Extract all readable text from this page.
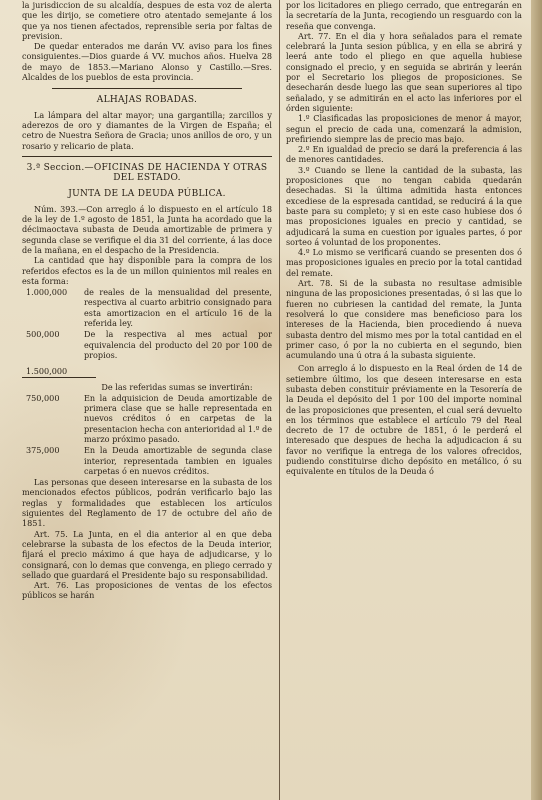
la jurisdiccion de su alcaldía, despues de esta voz de alerta que les dirijo, se cometiere otro atentado semejante á los que ya nos tienen afectados, reprensible seria por faltas de prevision.

De quedar enterados me darán VV. aviso para los fines consiguientes.—Dios guarde á VV. muchos años. Huelva 28 de mayo de 1853.—Mariano Alonso y Castillo.—Sres. Alcaldes de los pueblos de esta provincia.

ALHAJAS ROBADAS.

La lámpara del altar mayor; una gargantilla; zarcillos y aderezos de oro y diamantes de la Virgen de España; el cetro de Nuestra Señora de Gracia; unos anillos de oro, y un rosario y relicario de plata.

3.ª Seccion.—OFICINAS DE HACIENDA Y OTRAS DEL ESTADO.
JUNTA DE LA DEUDA PÚBLICA.

Núm. 393.—Con arreglo á lo dispuesto en el artículo 18 de la ley de 1.º agosto de 1851, la Junta ha acordado que la décimaoctava subasta de Deuda amortizable de primera y segunda clase se verifique el dia 31 del corriente, á las doce de la mañana, en el despacho de la Presidencia.

La cantidad que hay disponible para la compra de los referidos efectos es la de un millon quinientos mil reales en esta forma:

1.000,000	de reales de la mensualidad del presente, respectiva al cuarto arbitrio consignado para esta amortizacion en el artículo 16 de la referida ley.
500,000	De la respectiva al mes actual por equivalencia del producto del 20 por 100 de propios.
1.500,000

De las referidas sumas se invertirán:

750,000	En la adquisicion de Deuda amortizable de primera clase que se halle representada en nuevos créditos ó en carpetas de la presentacion hecha con anterioridad al 1.º de marzo próximo pasado.
375,000	En la Deuda amortizable de segunda clase interior, representada tambien en iguales carpetas ó en nuevos créditos.

Las personas que deseen interesarse en la subasta de los mencionados efectos públicos, podrán verificarlo bajo las reglas y formalidades que establecen los artículos siguientes del Reglamento de 17 de octubre del año de 1851.

Art. 75. La Junta, en el dia anterior al en que deba celebrarse la subasta de los efectos de la Deuda interior, fijará el precio máximo á que haya de adjudicarse, y lo consignará, con lo demas que convenga, en pliego cerrado y sellado que guardará el Presidente bajo su responsabilidad.

Art. 76. Las proposiciones de ventas de los efectos públicos se harán

por los licitadores en pliego cerrado, que entregarán en la secretaría de la Junta, recogiendo un resguardo con la reseña que convenga.

Art. 77. En el dia y hora señalados para el remate celebrará la Junta sesion pública, y en ella se abrirá y leerá ante todo el pliego en que aquella hubiese consignado el precio, y en seguida se abrirán y leerán por el Secretario los pliegos de proposiciones. Se desecharán desde luego las que sean superiores al tipo señalado, y se admitirán en el acto las inferiores por el órden siguiente:

1.º Clasificadas las proposiciones de menor á mayor, segun el precio de cada una, comenzará la admision, prefiriendo siempre las de precio mas bajo.

2.º En igualdad de precio se dará la preferencia á las de menores cantidades.

3.º Cuando se llene la cantidad de la subasta, las proposiciones que no tengan cabida quedarán desechadas. Si la última admitida hasta entonces excediese de la espresada cantidad, se reducirá á la que baste para su completo; y si en este caso hubiese dos ó mas proposiciones iguales en precio y cantidad, se adjudicará la suma en cuestion por iguales partes, ó por sorteo á voluntad de los proponentes.

4.º Lo mismo se verificará cuando se presenten dos ó mas proposiciones iguales en precio por la total cantidad del remate.

Art. 78. Si de la subasta no resultase admisible ninguna de las proposiciones presentadas, ó si las que lo fueren no cubriesen la cantidad del remate, la Junta resolverá lo que considere mas beneficioso para los intereses de la Hacienda, bien procediendo á nueva subasta dentro del mismo mes por la total cantidad en el primer caso, ó por la no cubierta en el segundo, bien acumulando una ú otra á la subasta siguiente.

Con arreglo á lo dispuesto en la Real órden de 14 de setiembre último, los que deseen interesarse en esta subasta deben constituir préviamente en la Tesorería de la Deuda el depósito del 1 por 100 del importe nominal de las proposiciones que presenten, el cual será devuelto en los términos que establece el artículo 79 del Real decreto de 17 de octubre de 1851, ó le perderá el interesado que despues de hecha la adjudicacion á su favor no verifique la entrega de los valores ofrecidos, pudiendo constituirse dicho depósito en metálico, ó su equivalente en títulos de la Deuda ó
